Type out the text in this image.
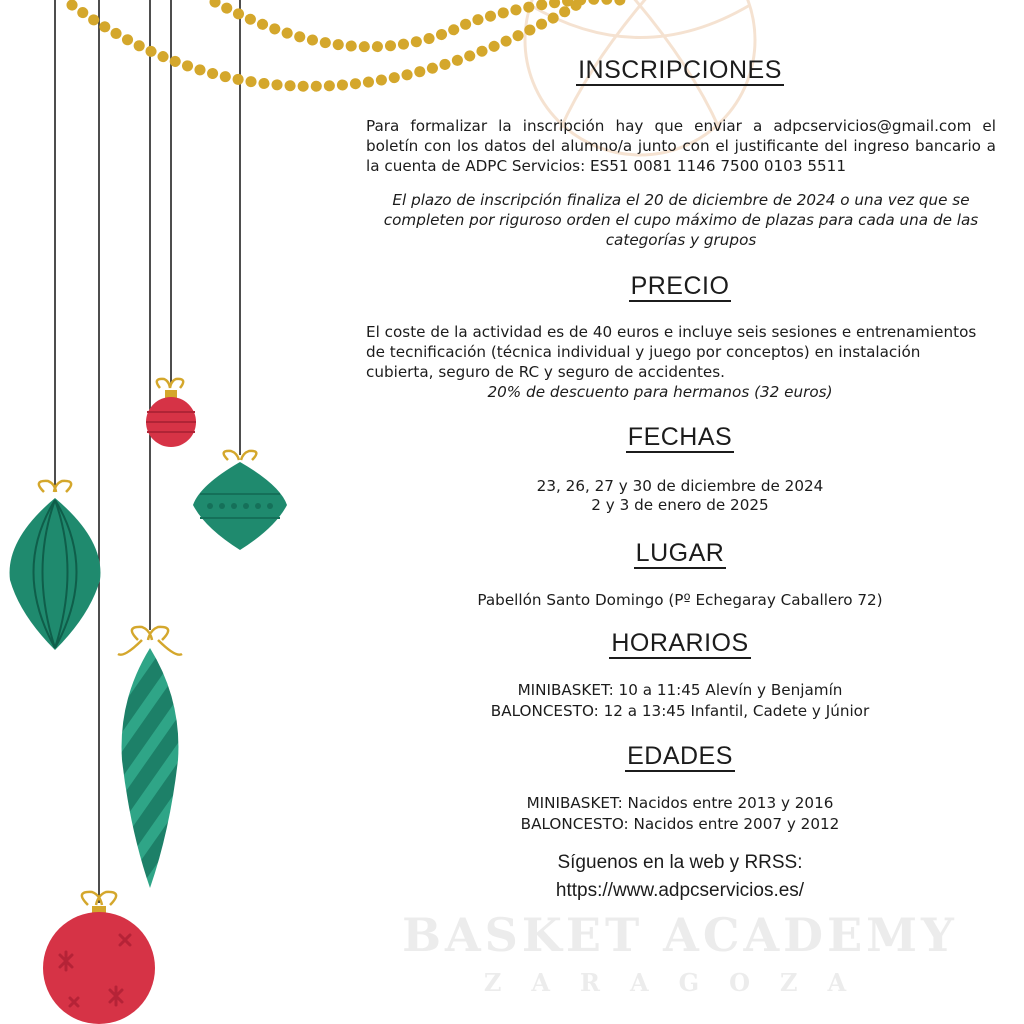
BASKET ACADEMY
ZARAGOZA
INSCRIPCIONES
Para formalizar la inscripción hay que enviar a adpcservicios@gmail.com el boletín con los datos del alumno/a junto con el justificante del ingreso bancario a la cuenta de ADPC Servicios: ES51 0081 1146 7500 0103 5511
El plazo de inscripción finaliza el 20 de diciembre de 2024 o una vez que se completen por riguroso orden el cupo máximo de plazas para cada una de las categorías y grupos
PRECIO
El coste de la actividad es de 40 euros e incluye seis sesiones e entrenamientos de tecnificación (técnica individual y juego por conceptos) en instalación cubierta, seguro de RC y seguro de accidentes.
20% de descuento para hermanos (32 euros)
FECHAS
23, 26, 27 y 30 de diciembre de 2024
2 y 3 de enero de 2025
LUGAR
Pabellón Santo Domingo (Pº Echegaray Caballero 72)
HORARIOS
MINIBASKET: 10 a 11:45 Alevín y Benjamín
BALONCESTO: 12 a 13:45 Infantil, Cadete y Júnior
EDADES
MINIBASKET: Nacidos entre 2013 y 2016
BALONCESTO: Nacidos entre 2007 y 2012
Síguenos en la web y RRSS:
https://www.adpcservicios.es/
